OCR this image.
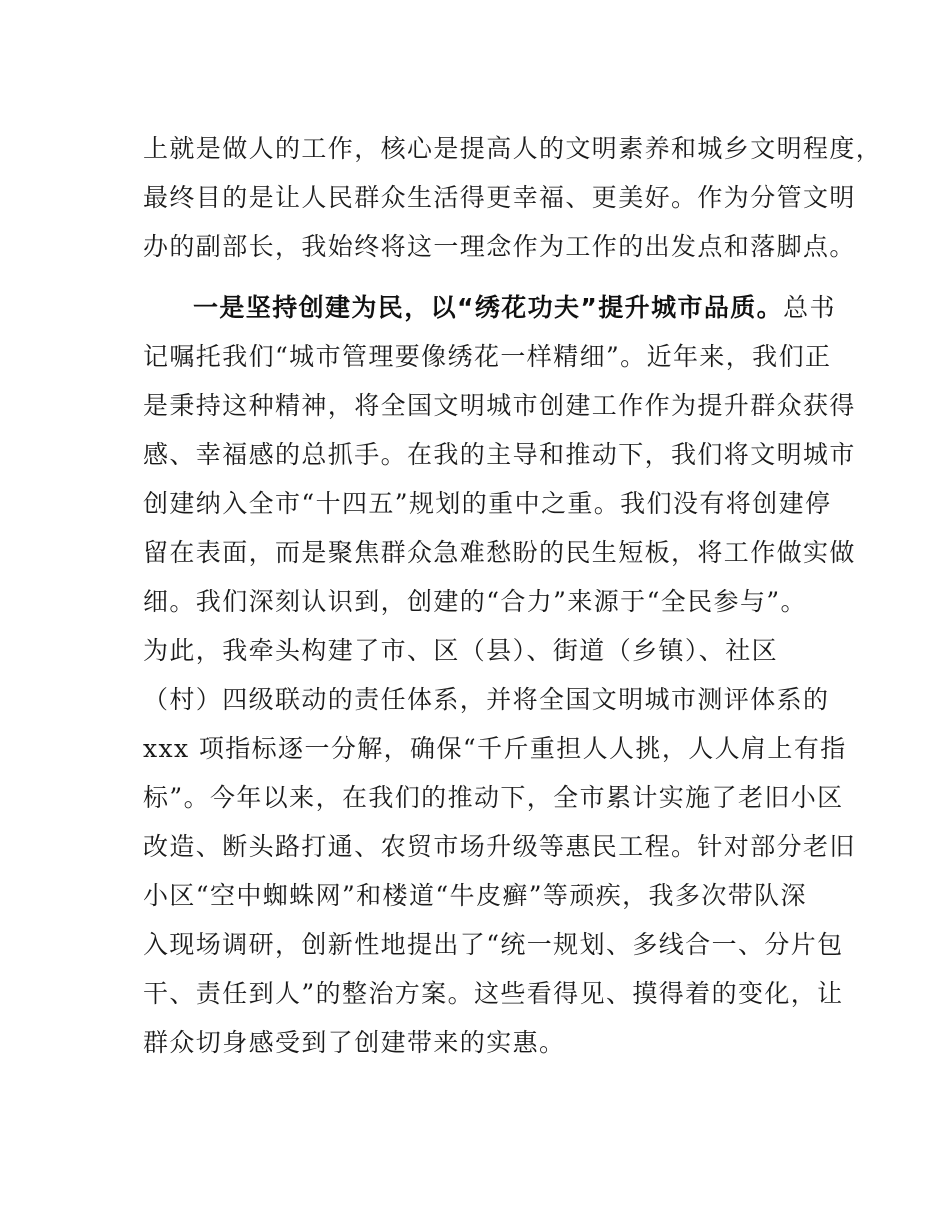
上就是做人的工作，核心是提高人的文明素养和城乡文明程度，
最终目的是让人民群众生活得更幸福、更美好。作为分管文明
办的副部长，我始终将这一理念作为工作的出发点和落脚点。
一是坚持创建为民，以“绣花功夫”提升城市品质。总书
记嘱托我们“城市管理要像绣花一样精细”。近年来，我们正
是秉持这种精神，将全国文明城市创建工作作为提升群众获得
感、幸福感的总抓手。在我的主导和推动下，我们将文明城市
创建纳入全市“十四五”规划的重中之重。我们没有将创建停
留在表面，而是聚焦群众急难愁盼的民生短板，将工作做实做
细。我们深刻认识到，创建的“合力”来源于“全民参与”。
为此，我牵头构建了市、区（县）、街道（乡镇）、社区
（村）四级联动的责任体系，并将全国文明城市测评体系的
xxx 项指标逐一分解，确保“千斤重担人人挑，人人肩上有指
标”。今年以来，在我们的推动下，全市累计实施了老旧小区
改造、断头路打通、农贸市场升级等惠民工程。针对部分老旧
小区“空中蜘蛛网”和楼道“牛皮癣”等顽疾，我多次带队深
入现场调研，创新性地提出了“统一规划、多线合一、分片包
干、责任到人”的整治方案。这些看得见、摸得着的变化，让
群众切身感受到了创建带来的实惠。
